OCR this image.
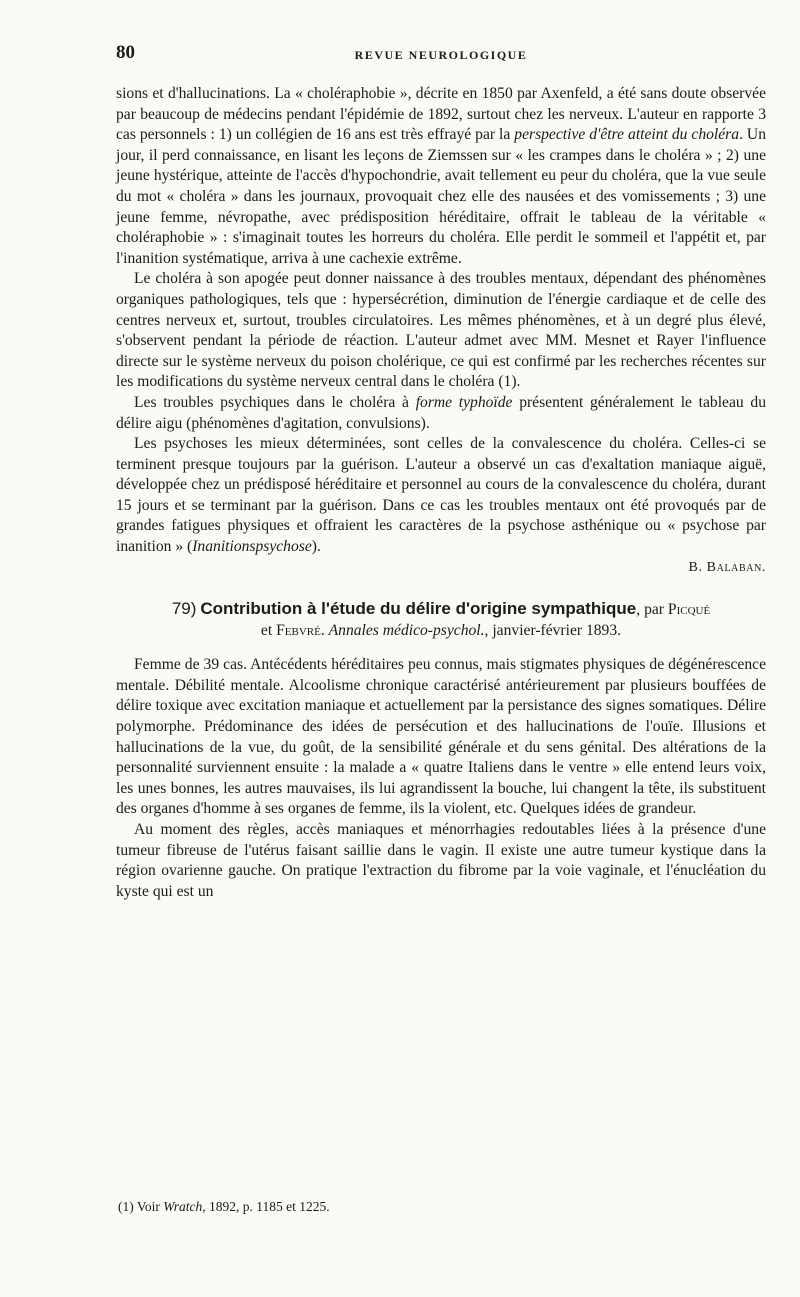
80	REVUE NEUROLOGIQUE

sions et d'hallucinations. La « choléraphobie », décrite en 1850 par Axenfeld, a été sans doute observée par beaucoup de médecins pendant l'épidémie de 1892, surtout chez les nerveux. L'auteur en rapporte 3 cas personnels : 1) un collégien de 16 ans est très effrayé par la perspective d'être atteint du choléra. Un jour, il perd connaissance, en lisant les leçons de Ziemssen sur « les crampes dans le choléra » ; 2) une jeune hystérique, atteinte de l'accès d'hypochondrie, avait tellement eu peur du choléra, que la vue seule du mot « choléra » dans les journaux, provoquait chez elle des nausées et des vomissements ; 3) une jeune femme, névropathe, avec prédisposition héréditaire, offrait le tableau de la véritable « choléraphobie » : s'imaginait toutes les horreurs du choléra. Elle perdit le sommeil et l'appétit et, par l'inanition systématique, arriva à une cachexie extrême.

Le choléra à son apogée peut donner naissance à des troubles mentaux, dépendant des phénomènes organiques pathologiques, tels que : hypersécrétion, diminution de l'énergie cardiaque et de celle des centres nerveux et, surtout, troubles circulatoires. Les mêmes phénomènes, et à un degré plus élevé, s'observent pendant la période de réaction. L'auteur admet avec MM. Mesnet et Rayer l'influence directe sur le système nerveux du poison cholérique, ce qui est confirmé par les recherches récentes sur les modifications du système nerveux central dans le choléra (1).

Les troubles psychiques dans le choléra à forme typhoïde présentent généralement le tableau du délire aigu (phénomènes d'agitation, convulsions).

Les psychoses les mieux déterminées, sont celles de la convalescence du choléra. Celles-ci se terminent presque toujours par la guérison. L'auteur a observé un cas d'exaltation maniaque aiguë, développée chez un prédisposé héréditaire et personnel au cours de la convalescence du choléra, durant 15 jours et se terminant par la guérison. Dans ce cas les troubles mentaux ont été provoqués par de grandes fatigues physiques et offraient les caractères de la psychose asthénique ou « psychose par inanition » (Inanitionspsychose).

B. Balaban.

79) Contribution à l'étude du délire d'origine sympathique, par Picqué
et Febvré. Annales médico-psychol., janvier-février 1893.

Femme de 39 cas. Antécédents héréditaires peu connus, mais stigmates physiques de dégénérescence mentale. Débilité mentale. Alcoolisme chronique caractérisé antérieurement par plusieurs bouffées de délire toxique avec excitation maniaque et actuellement par la persistance des signes somatiques. Délire polymorphe. Prédominance des idées de persécution et des hallucinations de l'ouïe. Illusions et hallucinations de la vue, du goût, de la sensibilité générale et du sens génital. Des altérations de la personnalité surviennent ensuite : la malade a « quatre Italiens dans le ventre » elle entend leurs voix, les unes bonnes, les autres mauvaises, ils lui agrandissent la bouche, lui changent la tête, ils substituent des organes d'homme à ses organes de femme, ils la violent, etc. Quelques idées de grandeur.

Au moment des règles, accès maniaques et ménorrhagies redoutables liées à la présence d'une tumeur fibreuse de l'utérus faisant saillie dans le vagin. Il existe une autre tumeur kystique dans la région ovarienne gauche. On pratique l'extraction du fibrome par la voie vaginale, et l'énucléation du kyste qui est un

(1) Voir Wratch, 1892, p. 1185 et 1225.
